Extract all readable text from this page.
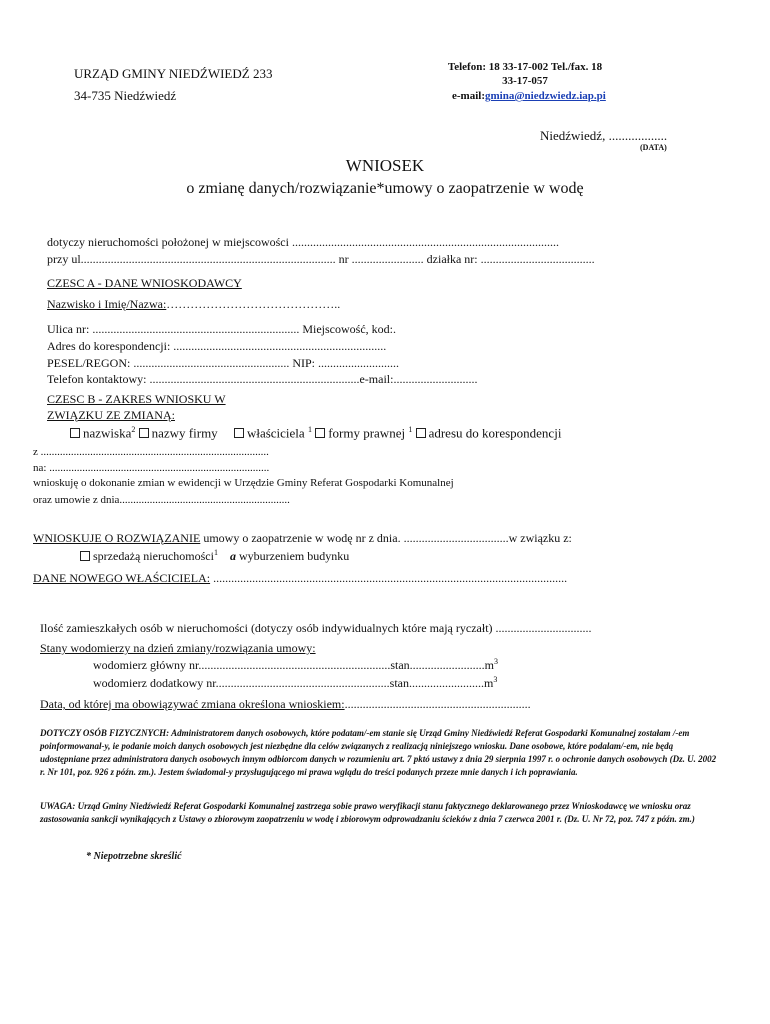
URZĄD GMINY NIEDŹWIEDŹ 233
34-735 Niedźwiedź
Telefon: 18 33-17-002 Tel./fax. 18
33-17-057
e-mail:gmina@niedzwiedz.iap.pi
Niedźwiedź, ..................
(DATA)
WNIOSEK
o zmianę danych/rozwiązanie*umowy o zaopatrzenie w wodę
dotyczy nieruchomości położonej w miejscowości .........................................................................................
przy ul..................................................................................... nr ........................ działka nr: ......................................
CZESC A - DANE WNIOSKODAWCY
Nazwisko i Imię/Nazwa:……………………………………..
Ulica nr: ..................................................................... Miejscowość, kod:.
Adres do korespondencji: .......................................................................
PESEL/REGON: .................................................... NIP: ...........................
Telefon kontaktowy: ......................................................................e-mail:............................
CZESC B - ZAKRES WNIOSKU W
ZWIĄZKU ZE ZMIANĄ:
nazwiska$^2$ nazwy firmy właściciela $^1$ formy prawnej $^1$ adresu do korespondencji
z ...................................................................................
na: ................................................................................
wnioskuję o dokonanie zmian w ewidencji w Urzędzie Gminy Referat Gospodarki Komunalnej
oraz umowie z dnia..............................................................
WNIOSKUJE O ROZWIĄZANIE umowy o zaopatrzenie w wodę nr z dnia. ...................................w związku z:
sprzedażą nieruchomości$^1$ a wyburzeniem budynku
DANE NOWEGO WŁAŚCICIELA: ......................................................................................................................
Ilość zamieszkałych osób w nieruchomości (dotyczy osób indywidualnych które mają ryczałt) ................................
Stany wodomierzy na dzień zmiany/rozwiązania umowy:
wodomierz główny $nr................................................................stan.........................m^3$
wodomierz dodatkowy $nr..........................................................stan.........................m^3$
Data, od której ma obowiązywać zmiana określona wnioskiem:..............................................................
DOTYCZY OSÓB FIZYCZNYCH: Administratorem danych osobowych, które podatam/-em stanie się Urząd Gminy Niedźwiedź Referat Gospodarki Komunalnej zostałam /-em poinformowanal-y, ie podanie moich danych osobowych jest niezbędne dla celów związanych z realizacją niniejszego wniosku. Dane osobowe, które podalam/-em, nie będą udostępniane przez administratora danych osobowych innym odbiorcom danych w rozumieniu art. 7 pktó ustawy z dnia 29 sierpnia 1997 r. o ochronie danych osobowych (Dz. U. 2002 r. Nr 101, poz. 926 z późn. zm.). Jestem świadomal-y przysługującego mi prawa wglądu do treści podanych przeze mnie danych i ich poprawiania.
UWAGA: Urząd Gminy Niedźwiedź Referat Gospodarki Komunalnej zastrzega sobie prawo weryfikacji stanu faktycznego deklarowanego przez Wnioskodawcę we wniosku oraz zastosowania sankcji wynikających z Ustawy o zbiorowym zaopatrzeniu w wodę i zbiorowym odprowadzaniu ścieków z dnia 7 czerwca 2001 r. (Dz. U. Nr 72, poz. 747 z późn. zm.)
* Niepotrzebne skreślić
